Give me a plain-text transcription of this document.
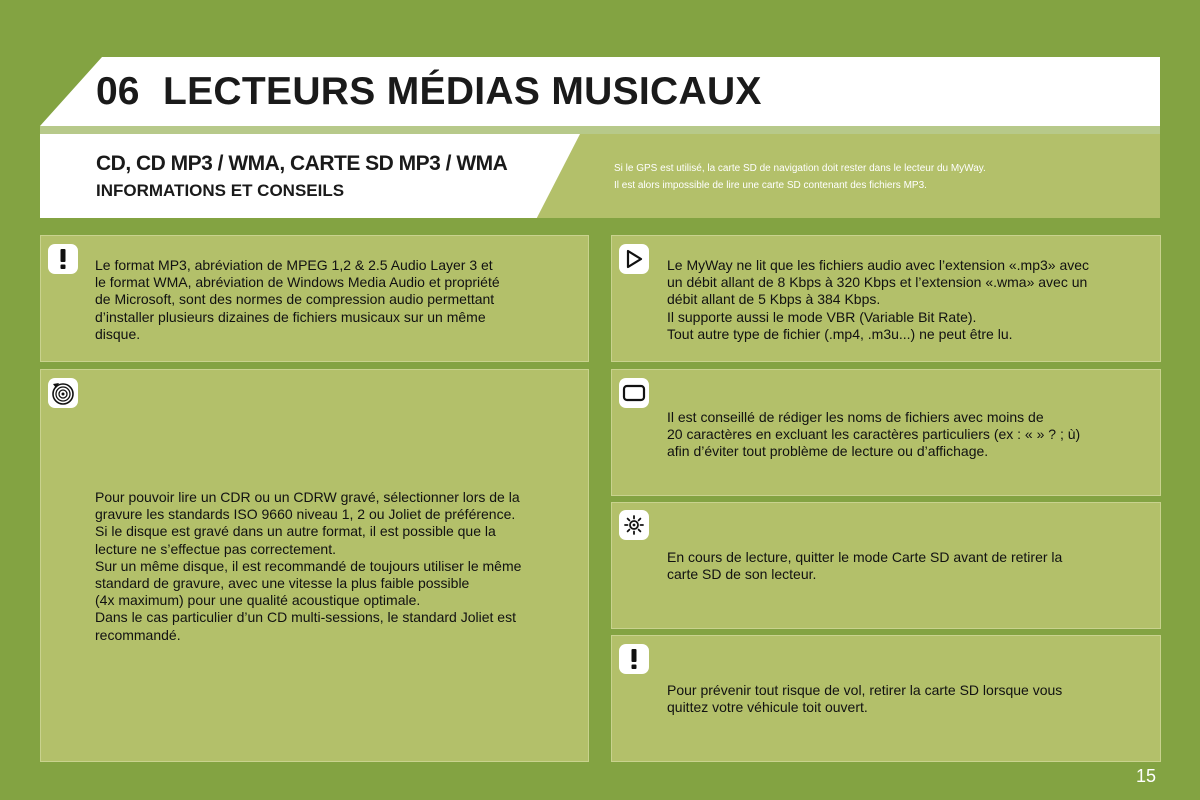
06 LECTEURS MÉDIAS MUSICAUX
CD, CD MP3 / WMA, CARTE SD MP3 / WMA
INFORMATIONS ET CONSEILS
Si le GPS est utilisé, la carte SD de navigation doit rester dans le lecteur du MyWay.
Il est alors impossible de lire une carte SD contenant des fichiers MP3.
Le format MP3, abréviation de MPEG 1,2 & 2.5 Audio Layer 3 et
le format WMA, abréviation de Windows Media Audio et propriété
de Microsoft, sont des normes de compression audio permettant
d’installer plusieurs dizaines de fichiers musicaux sur un même
disque.
Pour pouvoir lire un CDR ou un CDRW gravé, sélectionner lors de la
gravure les standards ISO 9660 niveau 1, 2 ou Joliet de préférence.
Si le disque est gravé dans un autre format, il est possible que la
lecture ne s’effectue pas correctement.
Sur un même disque, il est recommandé de toujours utiliser le même
standard de gravure, avec une vitesse la plus faible possible
(4x maximum) pour une qualité acoustique optimale.
Dans le cas particulier d’un CD multi-sessions, le standard Joliet est
recommandé.
Le MyWay ne lit que les fichiers audio avec l’extension «.mp3» avec
un débit allant de 8 Kbps à 320 Kbps et l’extension «.wma» avec un
débit allant de 5 Kbps à 384 Kbps.
Il supporte aussi le mode VBR (Variable Bit Rate).
Tout autre type de fichier (.mp4, .m3u...) ne peut être lu.
Il est conseillé de rédiger les noms de fichiers avec moins de
20 caractères en excluant les caractères particuliers (ex : « » ? ; ù)
afin d’éviter tout problème de lecture ou d’affichage.
En cours de lecture, quitter le mode Carte SD avant de retirer la
carte SD de son lecteur.
Pour prévenir tout risque de vol, retirer la carte SD lorsque vous
quittez votre véhicule toit ouvert.
15
